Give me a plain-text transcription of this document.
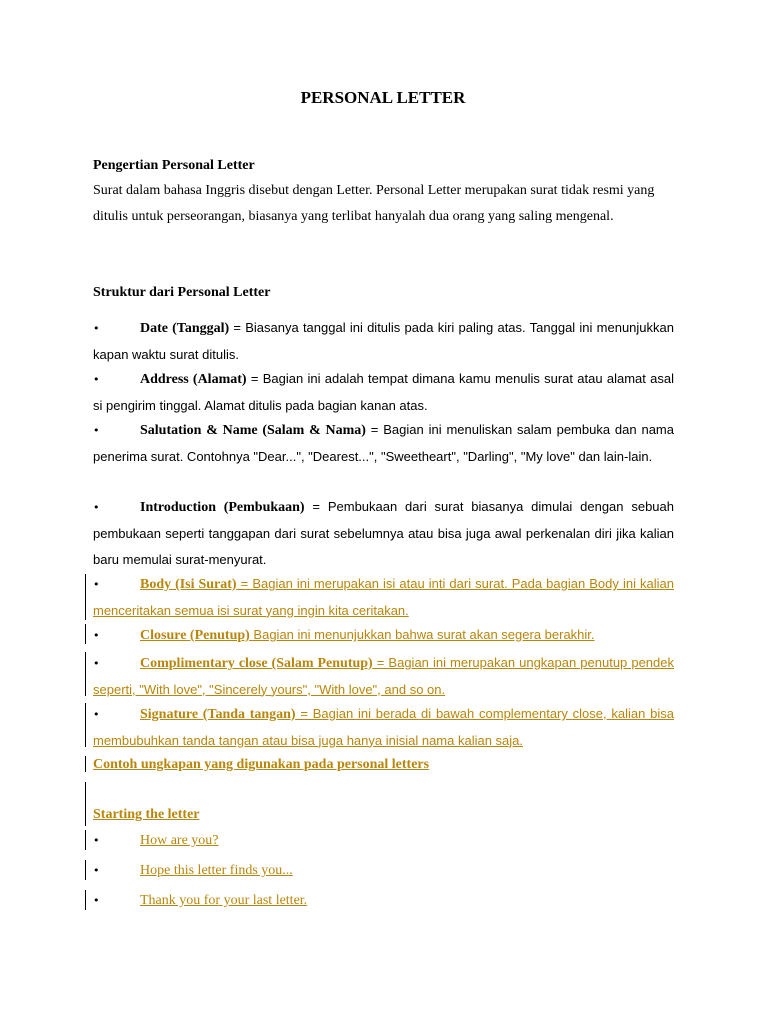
PERSONAL LETTER
Pengertian Personal Letter
Surat dalam bahasa Inggris disebut dengan Letter. Personal Letter merupakan surat tidak resmi yang ditulis untuk perseorangan, biasanya yang terlibat hanyalah dua orang yang saling mengenal.
Struktur dari Personal Letter
•	Date (Tanggal) = Biasanya tanggal ini ditulis pada kiri paling atas. Tanggal ini menunjukkan kapan waktu surat ditulis.
•	Address (Alamat) = Bagian ini adalah tempat dimana kamu menulis surat atau alamat asal si pengirim tinggal. Alamat ditulis pada bagian kanan atas.
•	Salutation & Name (Salam & Nama) = Bagian ini menuliskan salam pembuka dan nama penerima surat. Contohnya "Dear...", "Dearest...", "Sweetheart", "Darling", "My love" dan lain-lain.
•	Introduction (Pembukaan) = Pembukaan dari surat biasanya dimulai dengan sebuah pembukaan seperti tanggapan dari surat sebelumnya atau bisa juga awal perkenalan diri jika kalian baru memulai surat-menyurat.
•	Body (Isi Surat) = Bagian ini merupakan isi atau inti dari surat. Pada bagian Body ini kalian menceritakan semua isi surat yang ingin kita ceritakan.
•	Closure (Penutup) Bagian ini menunjukkan bahwa surat akan segera berakhir.
•	Complimentary close (Salam Penutup) = Bagian ini merupakan ungkapan penutup pendek seperti, "With love", "Sincerely yours", "With love", and so on.
•	Signature (Tanda tangan) = Bagian ini berada di bawah complementary close, kalian bisa membubuhkan tanda tangan atau bisa juga hanya inisial nama kalian saja.
Contoh ungkapan yang digunakan pada personal letters
Starting the letter
•	How are you?
•	Hope this letter finds you...
•	Thank you for your last letter.
